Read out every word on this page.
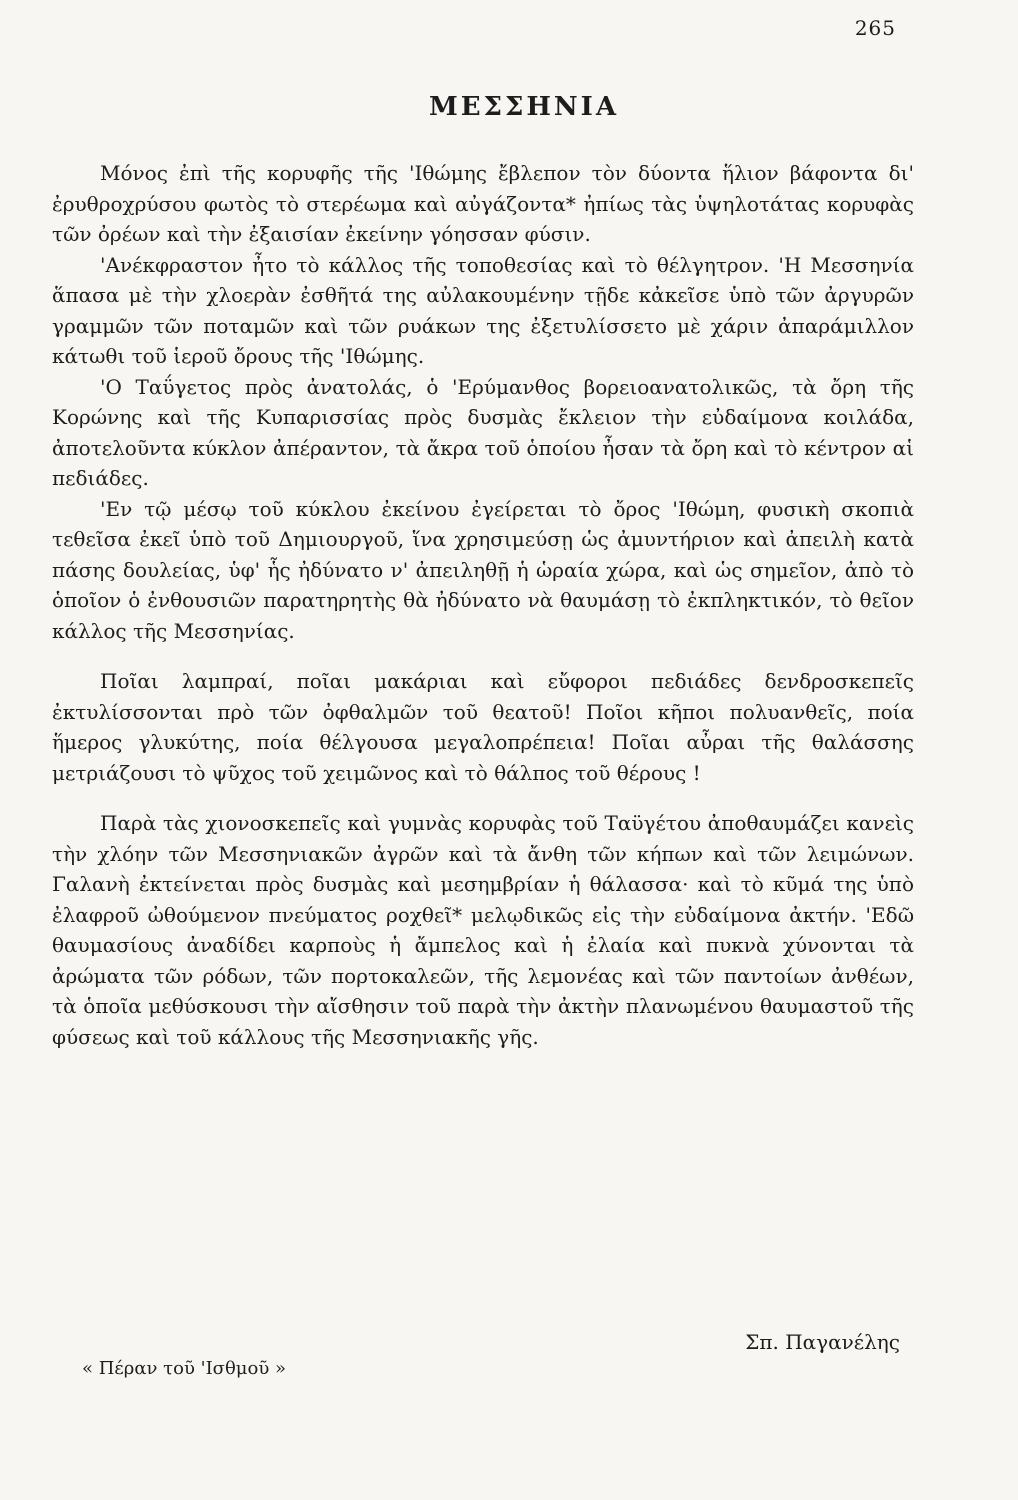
265
ΜΕΣΣΗΝΙΑ

Μόνος ἐπὶ τῆς κορυφῆς τῆς 'Ιθώμης ἔβλεπον τὸν δύοντα ἥλιον βάφοντα δι' ἐρυθροχρύσου φωτὸς τὸ στερέωμα καὶ αὐγάζοντα* ἠπίως τὰς ὑψηλοτάτας κορυφὰς τῶν ὀρέων καὶ τὴν ἐξαισίαν ἐκείνην γόησσαν φύσιν.

'Ανέκφραστον ἦτο τὸ κάλλος τῆς τοποθεσίας καὶ τὸ θέλγητρον. 'Η Μεσσηνία ἅπασα μὲ τὴν χλοερὰν ἐσθῆτά της αὐλακουμένην τῇδε κἀκεῖσε ὑπὸ τῶν ἀργυρῶν γραμμῶν τῶν ποταμῶν καὶ τῶν ρυάκων της ἐξετυλίσσετο μὲ χάριν ἀπαράμιλλον κάτωθι τοῦ ἱεροῦ ὄρους τῆς 'Ιθώμης.

'Ο Ταΰγετος πρὸς ἀνατολάς, ὁ 'Ερύμανθος βορειοανατολικῶς, τὰ ὄρη τῆς Κορώνης καὶ τῆς Κυπαρισσίας πρὸς δυσμὰς ἔκλειον τὴν εὐδαίμονα κοιλάδα, ἀποτελοῦντα κύκλον ἀπέραντον, τὰ ἄκρα τοῦ ὁποίου ἦσαν τὰ ὄρη καὶ τὸ κέντρον αἱ πεδιάδες.

'Εν τῷ μέσῳ τοῦ κύκλου ἐκείνου ἐγείρεται τὸ ὄρος 'Ιθώμη, φυσικὴ σκοπιὰ τεθεῖσα ἐκεῖ ὑπὸ τοῦ Δημιουργοῦ, ἵνα χρησιμεύσῃ ὡς ἀμυντήριον καὶ ἀπειλὴ κατὰ πάσης δουλείας, ὑφ' ἧς ἠδύνατο ν' ἀπειληθῇ ἡ ὡραία χώρα, καὶ ὡς σημεῖον, ἀπὸ τὸ ὁποῖον ὁ ἐνθουσιῶν παρατηρητὴς θὰ ἠδύνατο νὰ θαυμάσῃ τὸ ἐκπληκτικόν, τὸ θεῖον κάλλος τῆς Μεσσηνίας.

Ποῖαι λαμπραί, ποῖαι μακάριαι καὶ εὔφοροι πεδιάδες δενδροσκεπεῖς ἐκτυλίσσονται πρὸ τῶν ὀφθαλμῶν τοῦ θεατοῦ! Ποῖοι κῆποι πολυανθεῖς, ποία ἥμερος γλυκύτης, ποία θέλγουσα μεγαλοπρέπεια! Ποῖαι αὖραι τῆς θαλάσσης μετριάζουσι τὸ ψῦχος τοῦ χειμῶνος καὶ τὸ θάλπος τοῦ θέρους !

Παρὰ τὰς χιονοσκεπεῖς καὶ γυμνὰς κορυφὰς τοῦ Ταϋγέτου ἀποθαυμάζει κανεὶς τὴν χλόην τῶν Μεσσηνιακῶν ἀγρῶν καὶ τὰ ἄνθη τῶν κήπων καὶ τῶν λειμώνων. Γαλανὴ ἐκτείνεται πρὸς δυσμὰς καὶ μεσημβρίαν ἡ θάλασσα· καὶ τὸ κῦμά της ὑπὸ ἐλαφροῦ ὠθούμενον πνεύματος ροχθεῖ* μελῳδικῶς εἰς τὴν εὐδαίμονα ἀκτήν. 'Εδῶ θαυμασίους ἀναδίδει καρποὺς ἡ ἄμπελος καὶ ἡ ἐλαία καὶ πυκνὰ χύνονται τὰ ἀρώματα τῶν ρόδων, τῶν πορτοκαλεῶν, τῆς λεμονέας καὶ τῶν παντοίων ἀνθέων, τὰ ὁποῖα μεθύσκουσι τὴν αἴσθησιν τοῦ παρὰ τὴν ἀκτὴν πλανωμένου θαυμαστοῦ τῆς φύσεως καὶ τοῦ κάλλους τῆς Μεσσηνιακῆς γῆς.

Σπ. Παγανέλης
« Πέραν τοῦ 'Ισθμοῦ »
